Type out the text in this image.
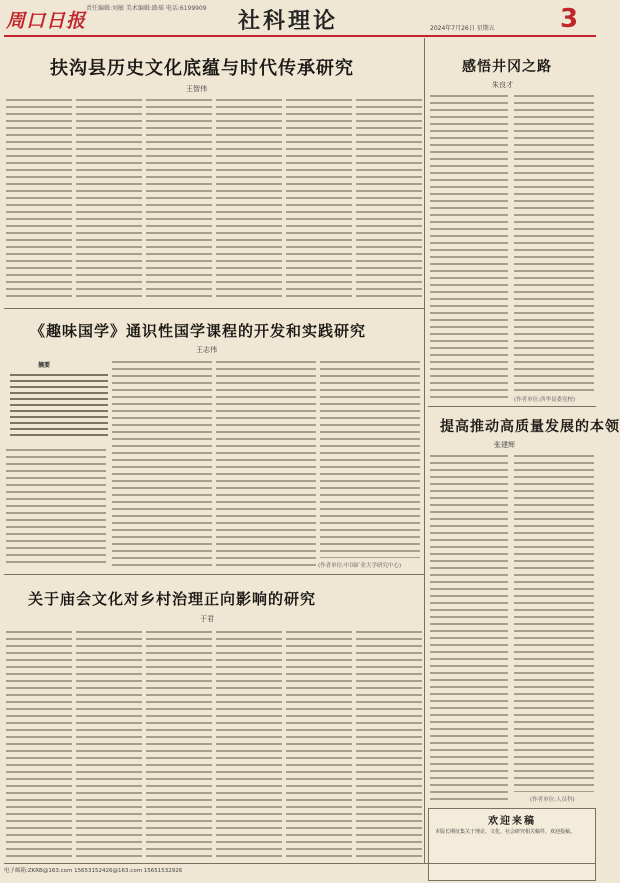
周口日报
责任编辑:刘敏 美术编辑:路瑶 电话:6199909 社科理论	2024年7月26日 星期五	3
扶沟县历史文化底蕴与时代传承研究
王智伟
《趣味国学》通识性国学课程的开发和实践研究
王志伟
摘要
(作者单位:中国矿业大学研究中心)
关于庙会文化对乡村治理正向影响的研究
于君
感悟井冈之路
朱良才
(作者单位:西华县委党校)
提高推动高质量发展的本领
张建辉
(作者单位:人员科)
欢迎来稿
本版长期征集关于理论、文化、社会研究相关稿件，欢迎投稿。
电子邮箱:ZKRB@163.com 15653152426@163.com 15651532926
